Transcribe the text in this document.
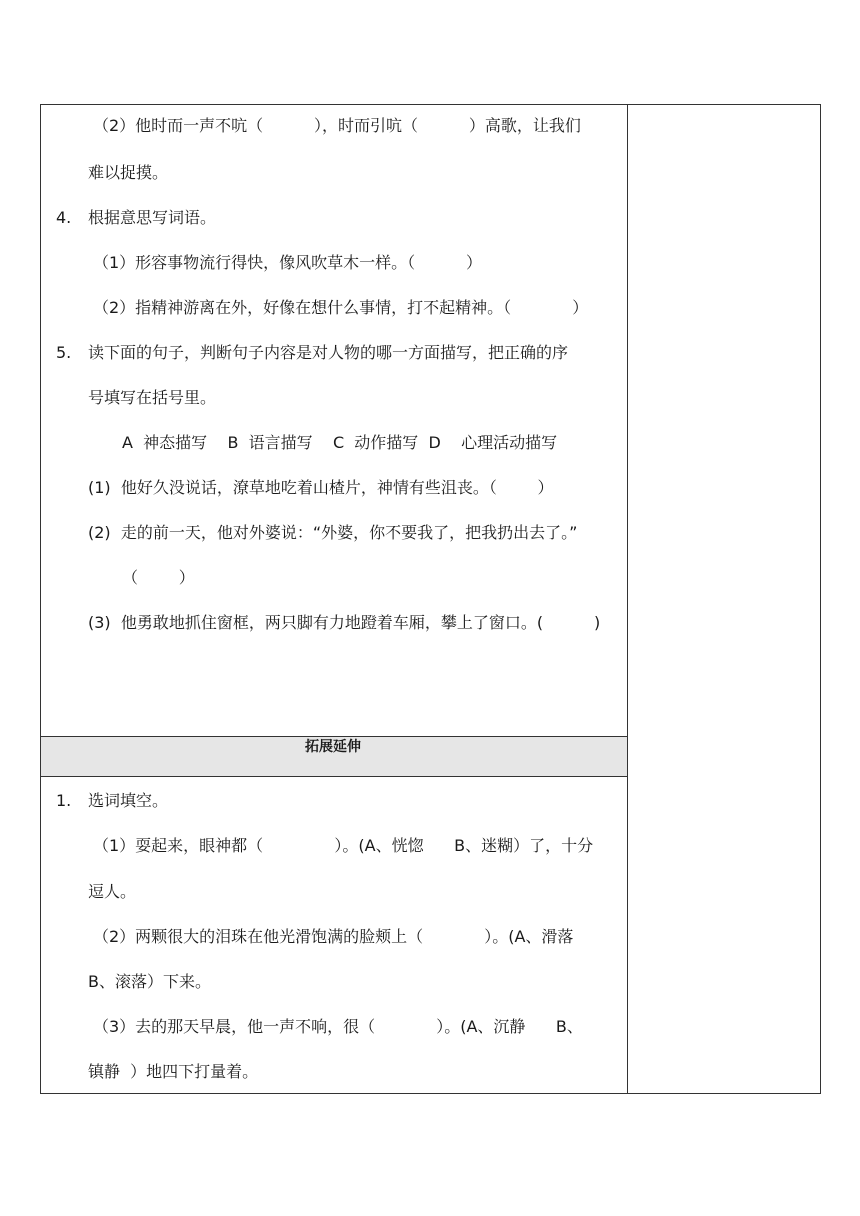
（2）他时而一声不吭（          ），时而引吭（          ）高歌，让我们
难以捉摸。
4. 根据意思写词语。
（1）形容事物流行得快，像风吹草木一样。（          ）
（2）指精神游离在外，好像在想什么事情，打不起精神。（            ）
5. 读下面的句子，判断句子内容是对人物的哪一方面描写，把正确的序
号填写在括号里。
A  神态描写    B  语言描写    C  动作描写  D    心理活动描写
(1)  他好久没说话，潦草地吃着山楂片，神情有些沮丧。（        ）
(2)  走的前一天，他对外婆说：“外婆，你不要我了，把我扔出去了。”
（        ）
(3)  他勇敢地抓住窗框，两只脚有力地蹬着车厢，攀上了窗口。(          )
拓展延伸
1. 选词填空。
（1）耍起来，眼神都（              ）。(A、恍惚      B、迷糊）了，十分
逗人。
（2）两颗很大的泪珠在他光滑饱满的脸颊上（            ）。(A、滑落
B、滚落）下来。
（3）去的那天早晨，他一声不响，很（            ）。(A、沉静      B、
镇静  ）地四下打量着。
